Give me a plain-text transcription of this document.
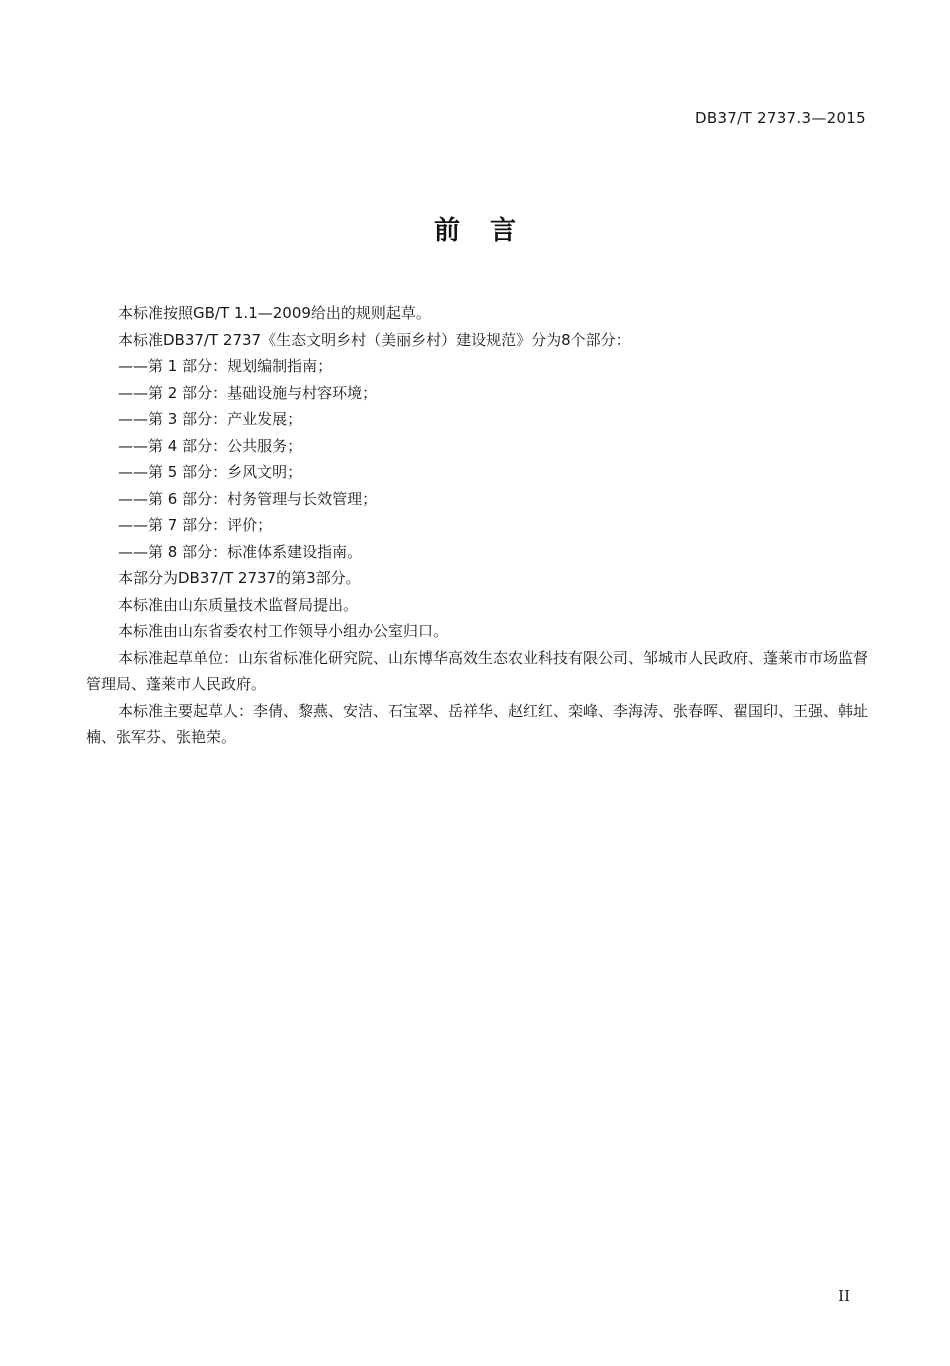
DB37/T 2737.3—2015
前言

本标准按照GB/T 1.1—2009给出的规则起草。

本标准DB37/T 2737《生态文明乡村（美丽乡村）建设规范》分为8个部分：

——第 1 部分：规划编制指南；

——第 2 部分：基础设施与村容环境；

——第 3 部分：产业发展；

——第 4 部分：公共服务；

——第 5 部分：乡风文明；

——第 6 部分：村务管理与长效管理；

——第 7 部分：评价；

——第 8 部分：标准体系建设指南。

本部分为DB37/T 2737的第3部分。

本标准由山东质量技术监督局提出。

本标准由山东省委农村工作领导小组办公室归口。

本标准起草单位：山东省标准化研究院、山东博华高效生态农业科技有限公司、邹城市人民政府、蓬莱市市场监督管理局、蓬莱市人民政府。

本标准主要起草人：李倩、黎燕、安洁、石宝翠、岳祥华、赵红红、栾峰、李海涛、张春晖、翟国印、王强、韩址楠、张军芬、张艳荣。

II
